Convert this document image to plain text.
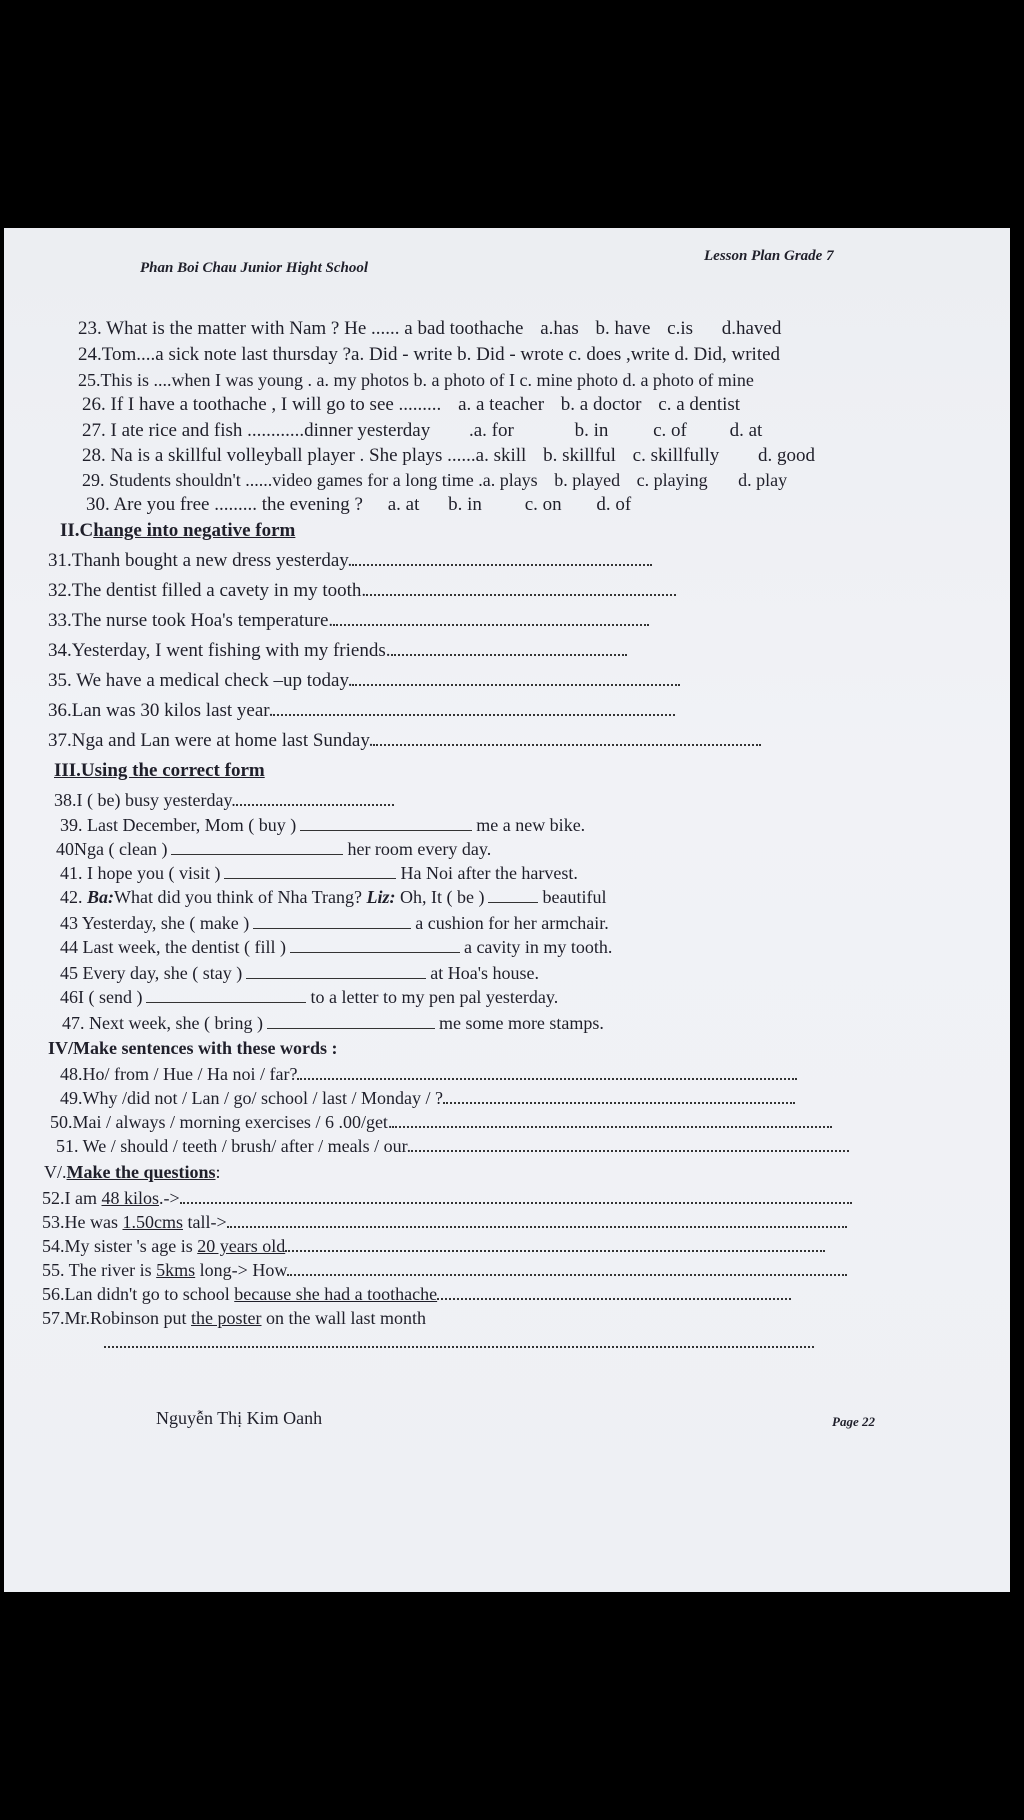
Phan Boi Chau Junior Hight School
Lesson Plan Grade 7
23. What is the matter with Nam ? He ...... a bad toothache a.has b. have c.is d.haved
24.Tom....a sick note last thursday ?a. Did - write b. Did - wrote c. does ,write d. Did, writed
25.This is ....when I was young . a. my photos b. a photo of I c. mine photo d. a photo of mine
26. If I have a toothache , I will go to see ......... a. a teacher b. a doctor c. a dentist
27. I ate rice and fish ............dinner yesterday .a. for	b. in c. of d. at
28. Na is a skillful volleyball player . She plays ......a. skill b. skillful c. skillfully d. good
29. Students shouldn't ......video games for a long time .a. plays b. played c. playing d. play
30. Are you free ......... the evening ? a. at b. in c. on d. of
II.Change into negative form
31.Thanh bought a new dress yesterday.
32.The dentist filled a cavety in my tooth.
33.The nurse took Hoa's temperature.
34.Yesterday, I went fishing with my friends.
35. We have a medical check –up today.
36.Lan was 30 kilos last year.
37.Nga and Lan were at home last Sunday.
III.Using the correct form
38.I ( be) busy yesterday.
39. Last December, Mom ( buy )	me a new bike.
40Nga ( clean )	her room every day.
41. I hope you ( visit )	Ha Noi after the harvest.
42. Ba:What did you think of Nha Trang? Liz: Oh, It ( be )	beautiful
43 Yesterday, she ( make )	a cushion for her armchair.
44 Last week, the dentist ( fill )	a cavity in my tooth.
45 Every day, she ( stay )	at Hoa's house.
46I ( send )	to a letter to my pen pal yesterday.
47. Next week, she ( bring )	me some more stamps.
IV/Make sentences with these words :
48.Ho/ from / Hue / Ha noi / far?
49.Why /did not / Lan / go/ school / last / Monday / ?
50.Mai / always / morning exercises / 6 .00/get.
51. We / should / teeth / brush/ after / meals / our.
V/.Make the questions:
52.I am 48 kilos.->
53.He was 1.50cms tall->
54.My sister 's age is 20 years old
55. The river is 5kms long-> How
56.Lan didn't go to school because she had a toothache
57.Mr.Robinson put the poster on the wall last month
Nguyễn Thị Kim Oanh	Page 22
